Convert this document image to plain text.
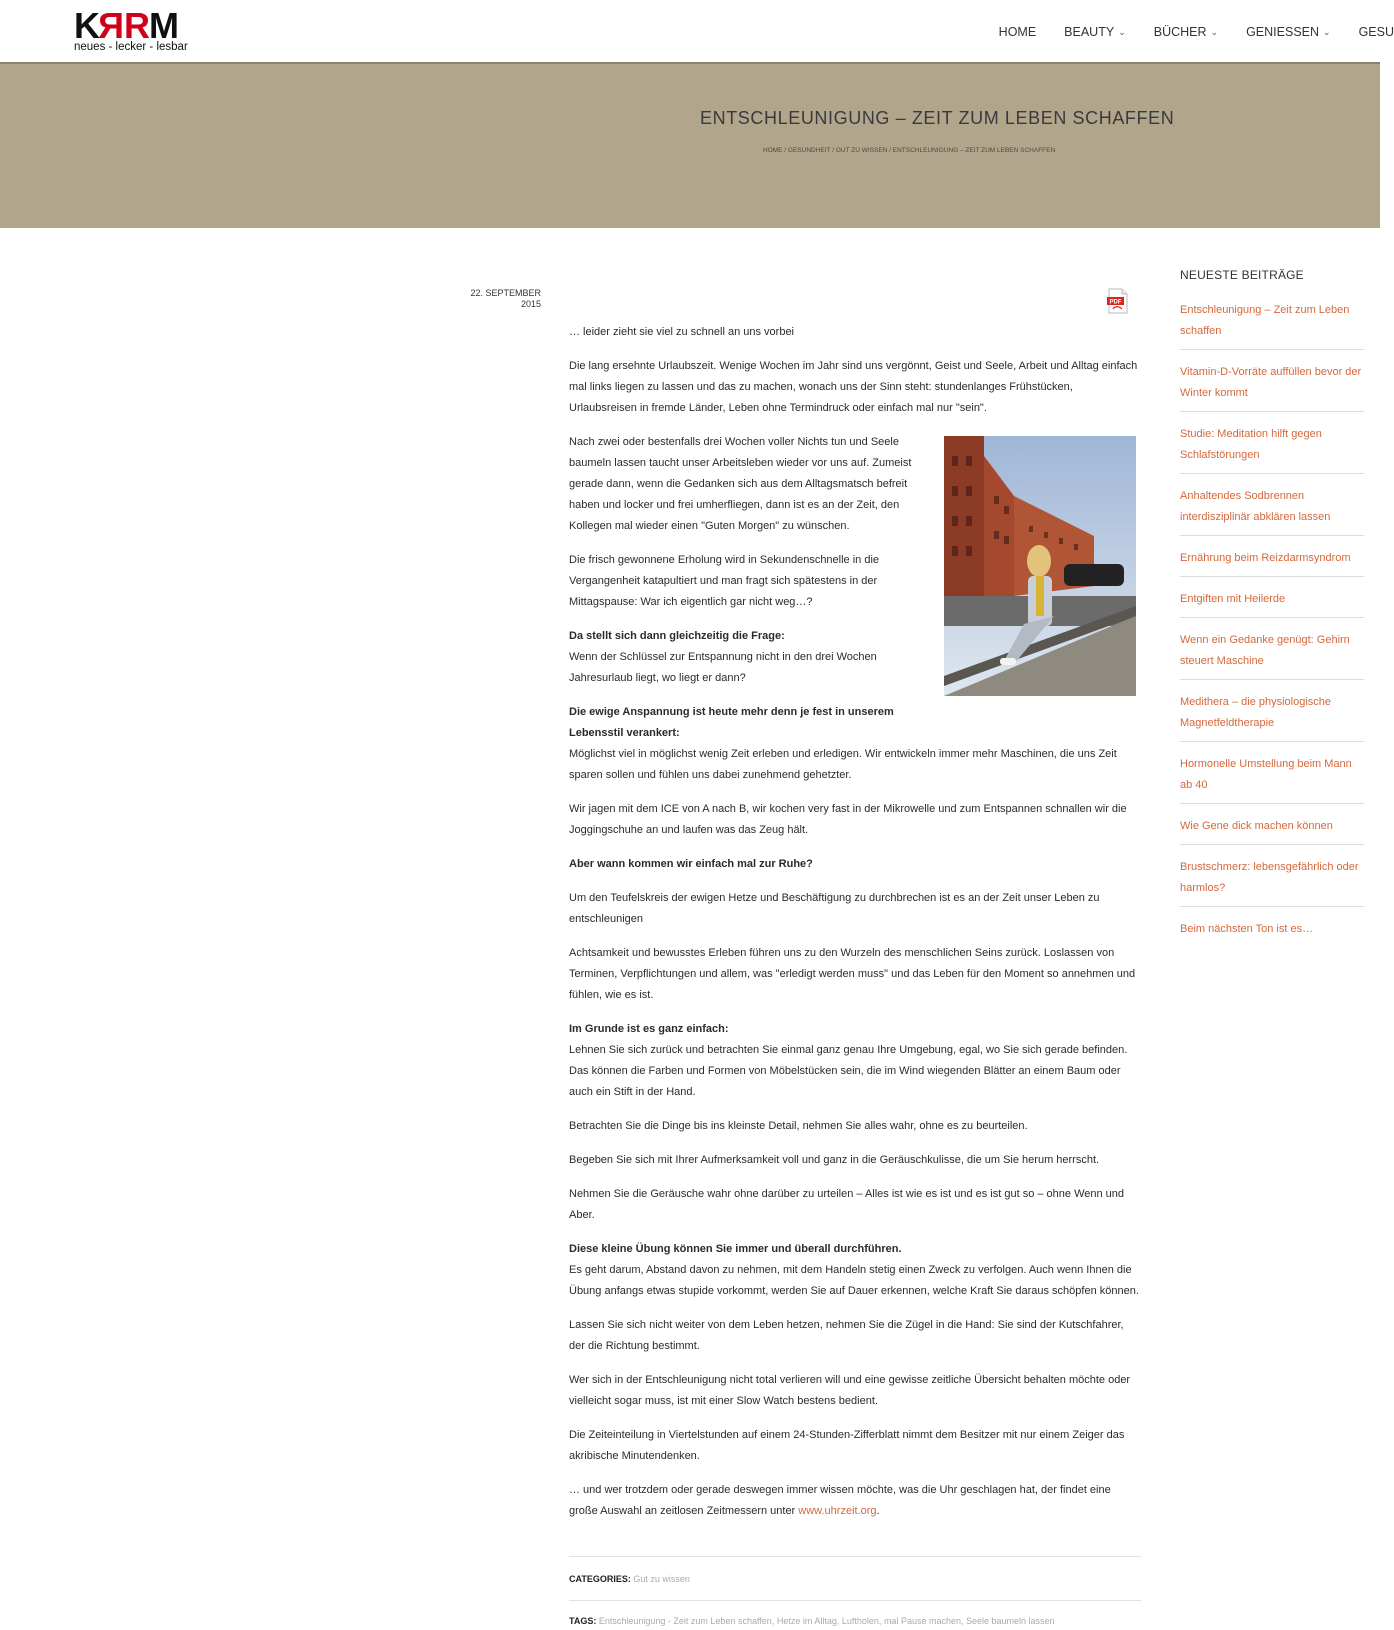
KRRM
neues - lecker - lesbar
HOME BEAUTY ⌄ BÜCHER ⌄ GENIESSEN ⌄ GESU
ENTSCHLEUNIGUNG – ZEIT ZUM LEBEN SCHAFFEN
HOME / GESUNDHEIT / GUT ZU WISSEN / ENTSCHLEUNIGUNG – ZEIT ZUM LEBEN SCHAFFEN
22. SEPTEMBER
2015	PDF

… leider zieht sie viel zu schnell an uns vorbei

Die lang ersehnte Urlaubszeit. Wenige Wochen im Jahr sind uns vergönnt, Geist und Seele, Arbeit und Alltag einfach mal links liegen zu lassen und das zu machen, wonach uns der Sinn steht: stundenlanges Frühstücken, Urlaubsreisen in fremde Länder, Leben ohne Termindruck oder einfach mal nur "sein".

Nach zwei oder bestenfalls drei Wochen voller Nichts tun und Seele baumeln lassen taucht unser Arbeitsleben wieder vor uns auf. Zumeist gerade dann, wenn die Gedanken sich aus dem Alltagsmatsch befreit haben und locker und frei umherfliegen, dann ist es an der Zeit, den Kollegen mal wieder einen "Guten Morgen" zu wünschen.

Die frisch gewonnene Erholung wird in Sekundenschnelle in die Vergangenheit katapultiert und man fragt sich spätestens in der Mittagspause: War ich eigentlich gar nicht weg…?

Da stellt sich dann gleichzeitig die Frage:
Wenn der Schlüssel zur Entspannung nicht in den drei Wochen Jahresurlaub liegt, wo liegt er dann?

Die ewige Anspannung ist heute mehr denn je fest in unserem Lebensstil verankert:
Möglichst viel in möglichst wenig Zeit erleben und erledigen. Wir entwickeln immer mehr Maschinen, die uns Zeit sparen sollen und fühlen uns dabei zunehmend gehetzter.

Wir jagen mit dem ICE von A nach B, wir kochen very fast in der Mikrowelle und zum Entspannen schnallen wir die Joggingschuhe an und laufen was das Zeug hält.

Aber wann kommen wir einfach mal zur Ruhe?

Um den Teufelskreis der ewigen Hetze und Beschäftigung zu durchbrechen ist es an der Zeit unser Leben zu entschleunigen

Achtsamkeit und bewusstes Erleben führen uns zu den Wurzeln des menschlichen Seins zurück. Loslassen von Terminen, Verpflichtungen und allem, was "erledigt werden muss" und das Leben für den Moment so annehmen und fühlen, wie es ist.

Im Grunde ist es ganz einfach:
Lehnen Sie sich zurück und betrachten Sie einmal ganz genau Ihre Umgebung, egal, wo Sie sich gerade befinden. Das können die Farben und Formen von Möbelstücken sein, die im Wind wiegenden Blätter an einem Baum oder auch ein Stift in der Hand.

Betrachten Sie die Dinge bis ins kleinste Detail, nehmen Sie alles wahr, ohne es zu beurteilen.

Begeben Sie sich mit Ihrer Aufmerksamkeit voll und ganz in die Geräuschkulisse, die um Sie herum herrscht.

Nehmen Sie die Geräusche wahr ohne darüber zu urteilen – Alles ist wie es ist und es ist gut so – ohne Wenn und Aber.

Diese kleine Übung können Sie immer und überall durchführen.
Es geht darum, Abstand davon zu nehmen, mit dem Handeln stetig einen Zweck zu verfolgen. Auch wenn Ihnen die Übung anfangs etwas stupide vorkommt, werden Sie auf Dauer erkennen, welche Kraft Sie daraus schöpfen können.

Lassen Sie sich nicht weiter von dem Leben hetzen, nehmen Sie die Zügel in die Hand: Sie sind der Kutschfahrer, der die Richtung bestimmt.

Wer sich in der Entschleunigung nicht total verlieren will und eine gewisse zeitliche Übersicht behalten möchte oder vielleicht sogar muss, ist mit einer Slow Watch bestens bedient.

Die Zeiteinteilung in Viertelstunden auf einem 24-Stunden-Zifferblatt nimmt dem Besitzer mit nur einem Zeiger das akribische Minutendenken.

… und wer trotzdem oder gerade deswegen immer wissen möchte, was die Uhr geschlagen hat, der findet eine große Auswahl an zeitlosen Zeitmessern unter www.uhrzeit.org.

CATEGORIES: Gut zu wissen
TAGS: Entschleunigung - Zeit zum Leben schaffen, Hetze im Alltag, Luftholen, mal Pause machen, Seele baumeln lassen
NEUESTE BEITRÄGE
Entschleunigung – Zeit zum Leben schaffen
Vitamin-D-Vorräte auffüllen bevor der Winter kommt
Studie: Meditation hilft gegen Schlafstörungen
Anhaltendes Sodbrennen interdisziplinär abklären lassen
Ernährung beim Reizdarmsyndrom
Entgiften mit Heilerde
Wenn ein Gedanke genügt: Gehirn steuert Maschine
Medithera – die physiologische Magnetfeldtherapie
Hormonelle Umstellung beim Mann ab 40
Wie Gene dick machen können
Brustschmerz: lebensgefährlich oder harmlos?
Beim nächsten Ton ist es…
